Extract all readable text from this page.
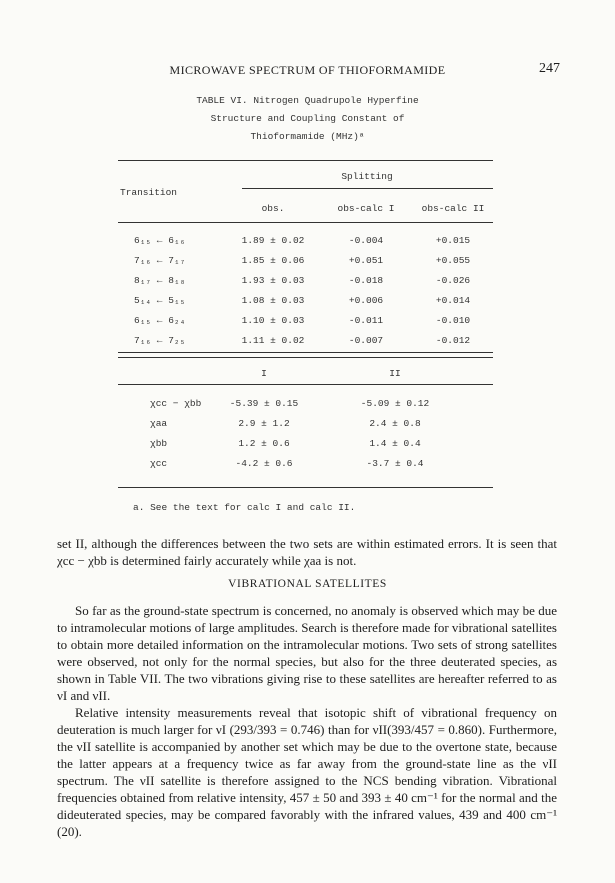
MICROWAVE SPECTRUM OF THIOFORMAMIDE	247
TABLE VI. Nitrogen Quadrupole Hyperfine
Structure and Coupling Constant of
Thioformamide (MHz)ᵃ
Splitting
Transition
obs.	obs-calc I	obs-calc II
6₁₅ ← 6₁₆	1.89 ± 0.02	-0.004	+0.015
7₁₆ ← 7₁₇	1.85 ± 0.06	+0.051	+0.055
8₁₇ ← 8₁₈	1.93 ± 0.03	-0.018	-0.026
5₁₄ ← 5₁₅	1.08 ± 0.03	+0.006	+0.014
6₁₅ ← 6₂₄	1.10 ± 0.03	-0.011	-0.010
7₁₆ ← 7₂₅	1.11 ± 0.02	-0.007	-0.012
I	II
χcc − χbb	-5.39 ± 0.15	-5.09 ± 0.12
χaa	2.9 ± 1.2	2.4 ± 0.8
χbb	1.2 ± 0.6	1.4 ± 0.4
χcc	-4.2 ± 0.6	-3.7 ± 0.4
a. See the text for calc I and calc II.

set II, although the differences between the two sets are within estimated errors. It is seen that χcc − χbb is determined fairly accurately while χaa is not.

VIBRATIONAL SATELLITES

So far as the ground-state spectrum is concerned, no anomaly is observed which may be due to intramolecular motions of large amplitudes. Search is therefore made for vibrational satellites to obtain more detailed information on the intramolecular motions. Two sets of strong satellites were observed, not only for the normal species, but also for the three deuterated species, as shown in Table VII. The two vibrations giving rise to these satellites are hereafter referred to as νI and νII.

Relative intensity measurements reveal that isotopic shift of vibrational frequency on deuteration is much larger for νI (293/393 = 0.746) than for νII(393/457 = 0.860). Furthermore, the νII satellite is accompanied by another set which may be due to the overtone state, because the latter appears at a frequency twice as far away from the ground-state line as the νII spectrum. The νII satellite is therefore assigned to the NCS bending vibration. Vibrational frequencies obtained from relative intensity, 457 ± 50 and 393 ± 40 cm⁻¹ for the normal and the dideuterated species, may be compared favorably with the infrared values, 439 and 400 cm⁻¹ (20).
